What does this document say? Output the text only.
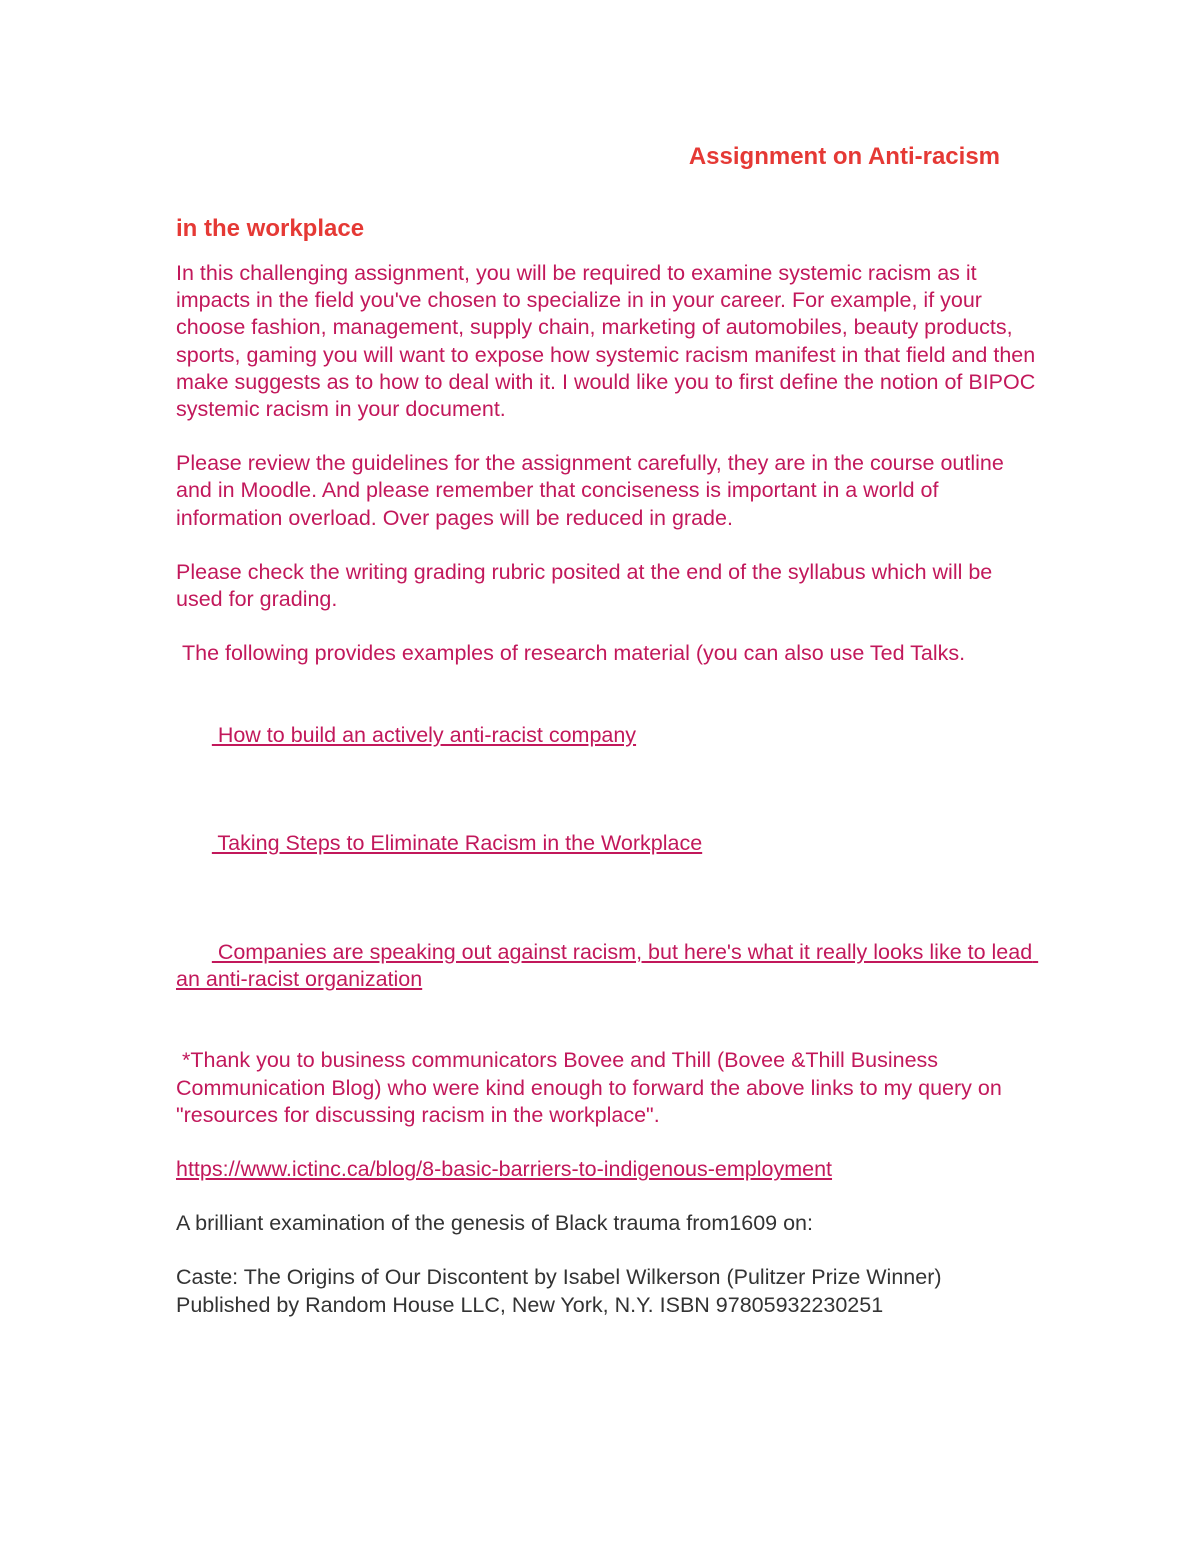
Assignment on Anti-racism

in the workplace

In this challenging assignment, you will be required to examine systemic racism as it impacts in the field you've chosen to specialize in in your career. For example, if your choose fashion, management, supply chain, marketing of automobiles, beauty products, sports, gaming you will want to expose how systemic racism manifest in that field and then make suggests as to how to deal with it. I would like you to first define the notion of BIPOC systemic racism in your document.

Please review the guidelines for the assignment carefully, they are in the course outline and in Moodle. And please remember that conciseness is important in a world of information overload. Over pages will be reduced in grade.

Please check the writing grading rubric posited at the end of the syllabus which will be used for grading.

The following provides examples of research material (you can also use Ted Talks.

How to build an actively anti-racist company

Taking Steps to Eliminate Racism in the Workplace

Companies are speaking out against racism, but here's what it really looks like to lead an anti-racist organization

*Thank you to business communicators Bovee and Thill (Bovee &Thill Business Communication Blog) who were kind enough to forward the above links to my query on "resources for discussing racism in the workplace".

https://www.ictinc.ca/blog/8-basic-barriers-to-indigenous-employment

A brilliant examination of the genesis of Black trauma from1609 on:

Caste: The Origins of Our Discontent by Isabel Wilkerson (Pulitzer Prize Winner)
Published by Random House LLC, New York, N.Y. ISBN 97805932230251
